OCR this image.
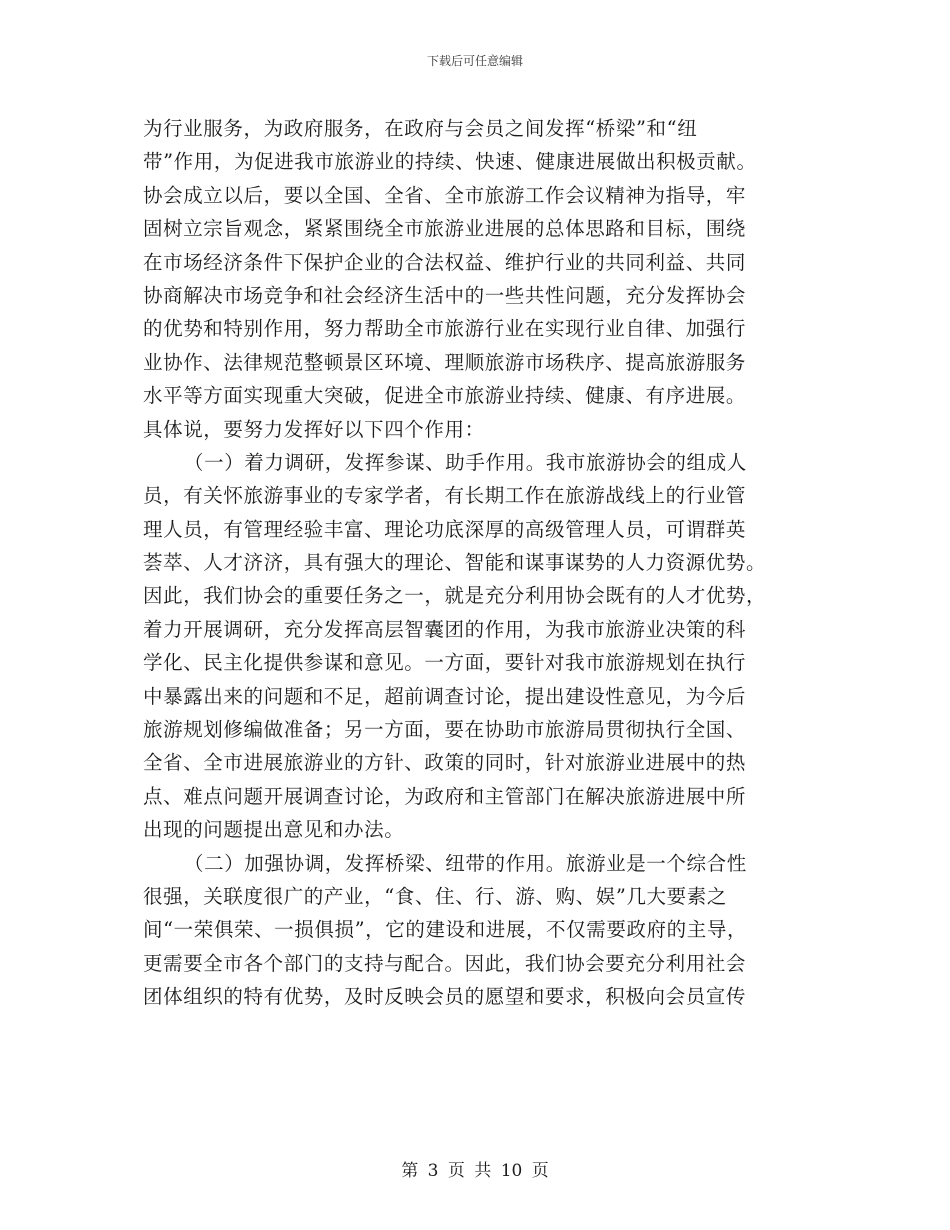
下载后可任意编辑
为行业服务，为政府服务，在政府与会员之间发挥“桥梁”和“纽
带”作用，为促进我市旅游业的持续、快速、健康进展做出积极贡献。
协会成立以后，要以全国、全省、全市旅游工作会议精神为指导，牢
固树立宗旨观念，紧紧围绕全市旅游业进展的总体思路和目标，围绕
在市场经济条件下保护企业的合法权益、维护行业的共同利益、共同
协商解决市场竞争和社会经济生活中的一些共性问题，充分发挥协会
的优势和特别作用，努力帮助全市旅游行业在实现行业自律、加强行
业协作、法律规范整顿景区环境、理顺旅游市场秩序、提高旅游服务
水平等方面实现重大突破，促进全市旅游业持续、健康、有序进展。
具体说，要努力发挥好以下四个作用：
（一）着力调研，发挥参谋、助手作用。我市旅游协会的组成人
员，有关怀旅游事业的专家学者，有长期工作在旅游战线上的行业管
理人员，有管理经验丰富、理论功底深厚的高级管理人员，可谓群英
荟萃、人才济济，具有强大的理论、智能和谋事谋势的人力资源优势。
因此，我们协会的重要任务之一，就是充分利用协会既有的人才优势，
着力开展调研，充分发挥高层智囊团的作用，为我市旅游业决策的科
学化、民主化提供参谋和意见。一方面，要针对我市旅游规划在执行
中暴露出来的问题和不足，超前调查讨论，提出建设性意见，为今后
旅游规划修编做准备；另一方面，要在协助市旅游局贯彻执行全国、
全省、全市进展旅游业的方针、政策的同时，针对旅游业进展中的热
点、难点问题开展调查讨论，为政府和主管部门在解决旅游进展中所
出现的问题提出意见和办法。
（二）加强协调，发挥桥梁、纽带的作用。旅游业是一个综合性
很强，关联度很广的产业，“食、住、行、游、购、娱”几大要素之
间“一荣俱荣、一损俱损”，它的建设和进展，不仅需要政府的主导，
更需要全市各个部门的支持与配合。因此，我们协会要充分利用社会
团体组织的特有优势，及时反映会员的愿望和要求，积极向会员宣传
第 3 页 共 10 页
